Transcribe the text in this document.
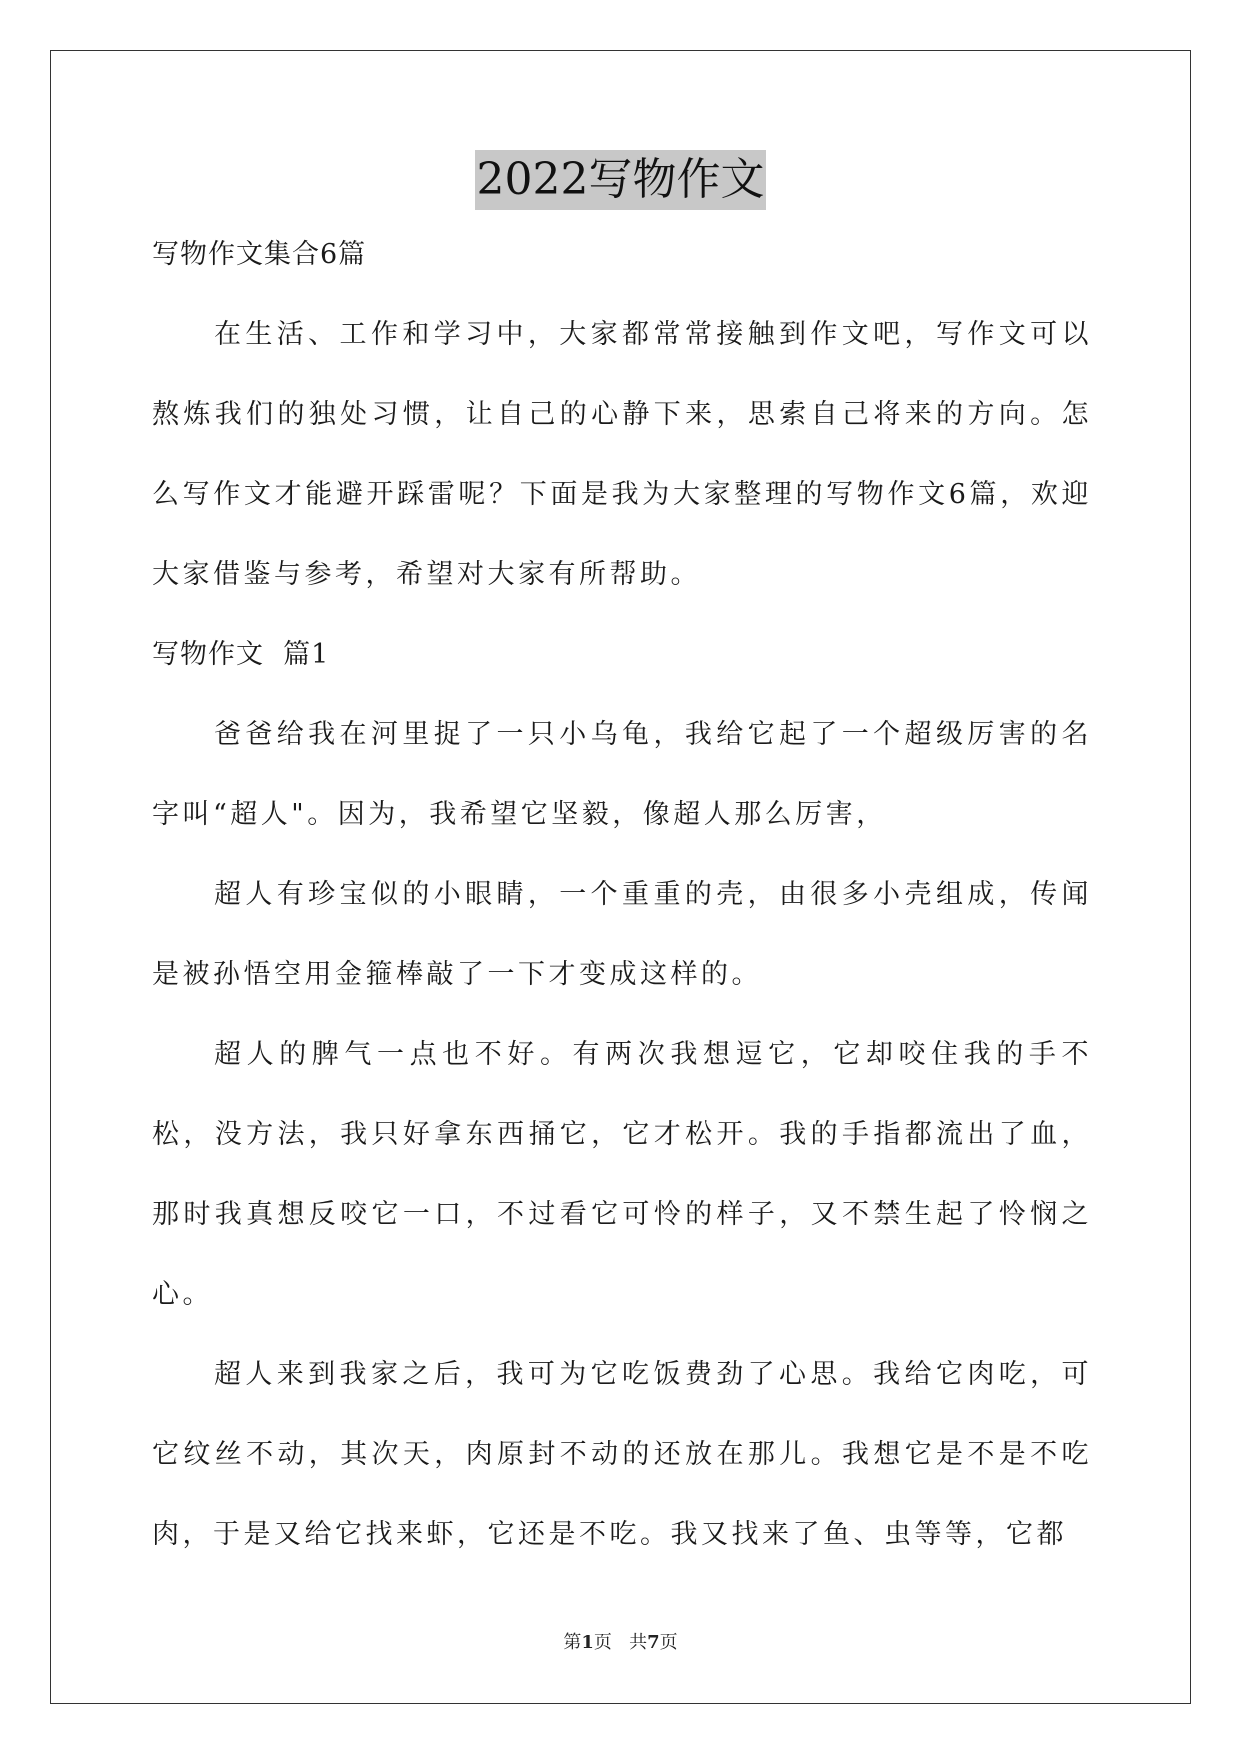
2022写物作文
写物作文集合6篇

在生活、工作和学习中，大家都常常接触到作文吧，写作文可以熬炼我们的独处习惯，让自己的心静下来，思索自己将来的方向。怎么写作文才能避开踩雷呢？下面是我为大家整理的写物作文6篇，欢迎大家借鉴与参考，希望对大家有所帮助。

写物作文  篇1

爸爸给我在河里捉了一只小乌龟，我给它起了一个超级厉害的名字叫“超人"。因为，我希望它坚毅，像超人那么厉害，

超人有珍宝似的小眼睛，一个重重的壳，由很多小壳组成，传闻是被孙悟空用金箍棒敲了一下才变成这样的。

超人的脾气一点也不好。有两次我想逗它，它却咬住我的手不松，没方法，我只好拿东西捅它，它才松开。我的手指都流出了血，那时我真想反咬它一口，不过看它可怜的样子，又不禁生起了怜悯之心。

超人来到我家之后，我可为它吃饭费劲了心思。我给它肉吃，可它纹丝不动，其次天，肉原封不动的还放在那儿。我想它是不是不吃肉，于是又给它找来虾，它还是不吃。我又找来了鱼、虫等等，它都

第1页   共7页
